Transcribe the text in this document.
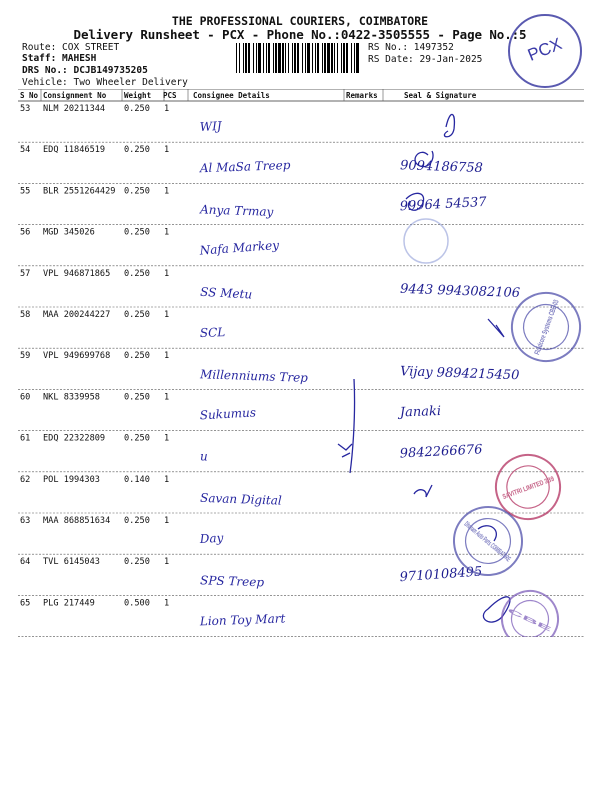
THE PROFESSIONAL COURIERS, COIMBATORE
Delivery Runsheet - PCX - Phone No.:0422-3505555 - Page No.:5
Route: COX STREET
Staff: MAHESH
DRS No.: DCJB149735205
Vehicle: Two Wheeler Delivery
RS No.: 1497352
RS Date: 29-Jan-2025	PCX
S No Consignment No Weight PCS Consignee Details	Remarks	Seal & Signature
53 NLM 20211344 0.250 1
WIJ
54 EDQ 11846519 0.250 1
Al MaSa Treep	9094186758
55 BLR 2551264429 0.250 1
Anya Trmay	99964 54537
56 MGD 345026	0.250 1
Nafa Markey
57 VPL 946871865 0.250 1
SS Metu	9443 9943082106
58 MAA 200244227 0.250 1
SCL
59 VPL 949699768 0.250 1
Millenniums Trep	Vijay 9894215450
60 NKL 8339958	0.250 1
Sukumus	Janaki
61 EDQ 22322809 0.250 1
u	9842266676
62 POL 1994303	0.140 1
Savan Digital
63 MAA 868851634 0.250 1
Day
64 TVL 6145043	0.250 1
SPS Treep	9710108495
65 PLG 217449	0.500 1
Lion Toy Mart
Fluidcore Systems CBE-03
SAVITRI LIMITED 3B9
Dhanam Auto Parts COIMBATORE
CBE
